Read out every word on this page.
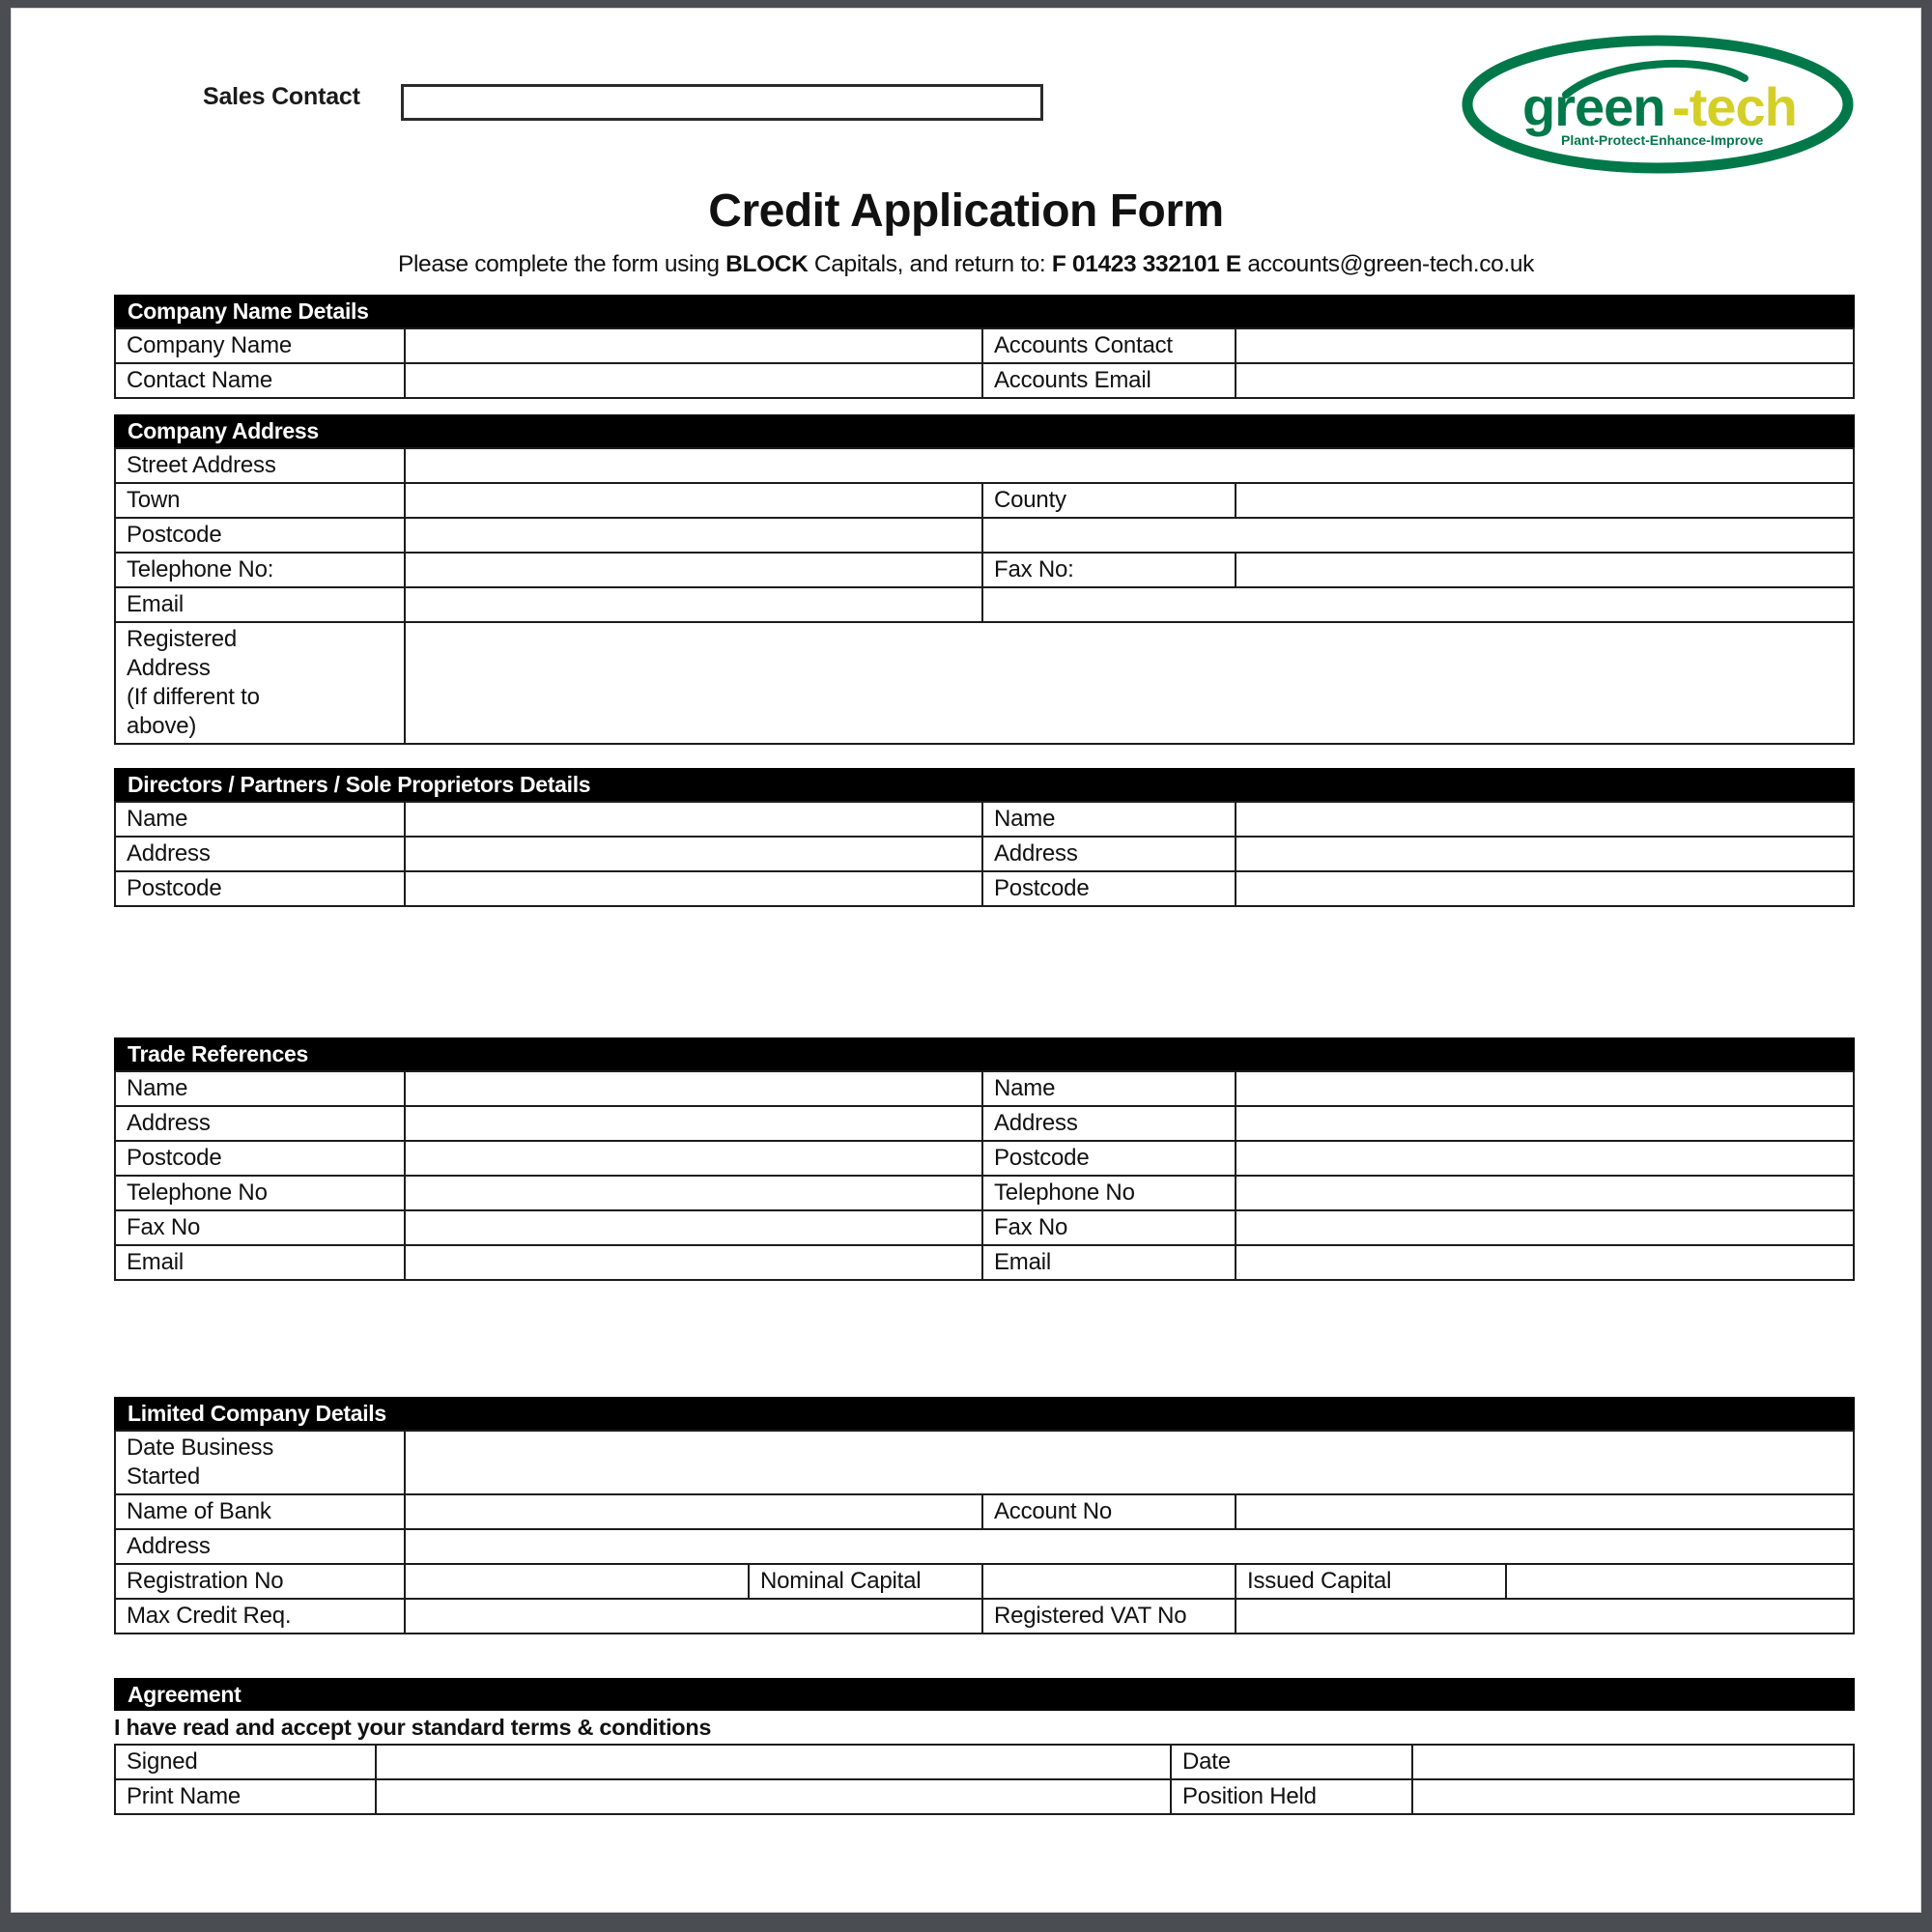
Sales Contact	green -tech
Plant-Protect-Enhance-Improve
Credit Application Form
Please complete the form using BLOCK Capitals, and return to: F 01423 332101 E accounts@green-tech.co.uk
Company Name Details
Company Name		Accounts Contact	
Contact Name		Accounts Email	
Company Address
Street Address			
Town		County	
Postcode			
Telephone No:		Fax No:	
Email			

Registered
Address
(If different to
above)			

Directors / Partners / Sole Proprietors Details
Name		Name	
Address		Address	
Postcode		Postcode	
Trade References
Name		Name	
Address		Address	
Postcode		Postcode	
Telephone No		Telephone No	
Fax No		Fax No	
Email		Email	
Limited Company Details
Date Business
Started					

Name of Bank			Account No		
Address					
Registration No		Nominal Capital		Issued Capital	
Max Credit Req.			Registered VAT No		
Agreement
I have read and accept your standard terms & conditions
Signed		Date	
Print Name		Position Held	
